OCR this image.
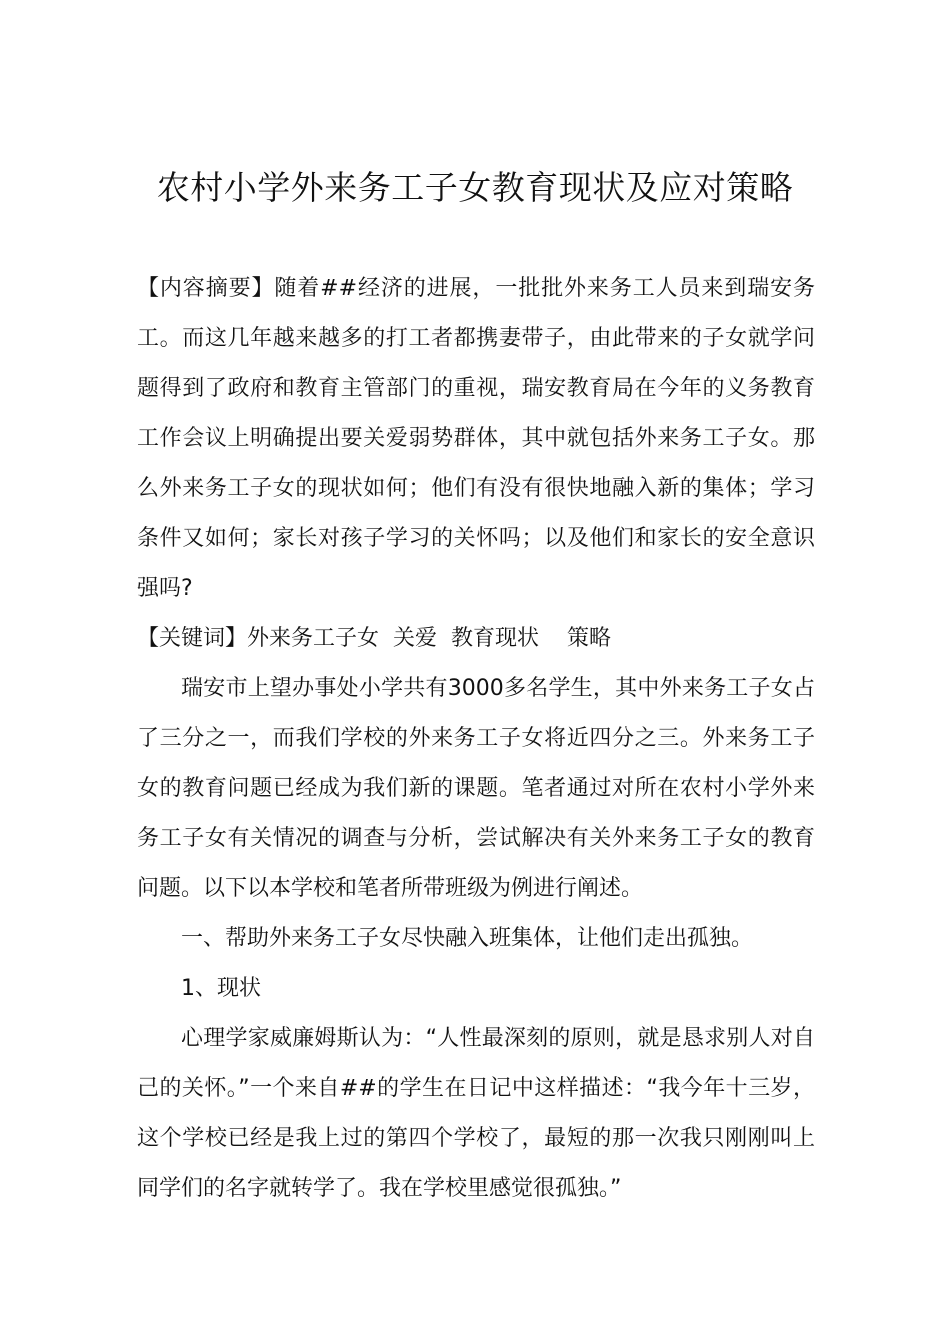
农村小学外来务工子女教育现状及应对策略

【内容摘要】随着##经济的进展，一批批外来务工人员来到瑞安务工。而这几年越来越多的打工者都携妻带子，由此带来的子女就学问题得到了政府和教育主管部门的重视，瑞安教育局在今年的义务教育工作会议上明确提出要关爱弱势群体，其中就包括外来务工子女。那么外来务工子女的现状如何；他们有没有很快地融入新的集体；学习条件又如何；家长对孩子学习的关怀吗；以及他们和家长的安全意识强吗?

【关键词】外来务工子女  关爱  教育现状    策略

瑞安市上望办事处小学共有3000多名学生，其中外来务工子女占了三分之一，而我们学校的外来务工子女将近四分之三。外来务工子女的教育问题已经成为我们新的课题。笔者通过对所在农村小学外来务工子女有关情况的调查与分析，尝试解决有关外来务工子女的教育问题。以下以本学校和笔者所带班级为例进行阐述。

一、帮助外来务工子女尽快融入班集体，让他们走出孤独。

1、现状

心理学家威廉姆斯认为：“人性最深刻的原则，就是恳求别人对自己的关怀。”一个来自##的学生在日记中这样描述：“我今年十三岁，这个学校已经是我上过的第四个学校了，最短的那一次我只刚刚叫上同学们的名字就转学了。我在学校里感觉很孤独。”
